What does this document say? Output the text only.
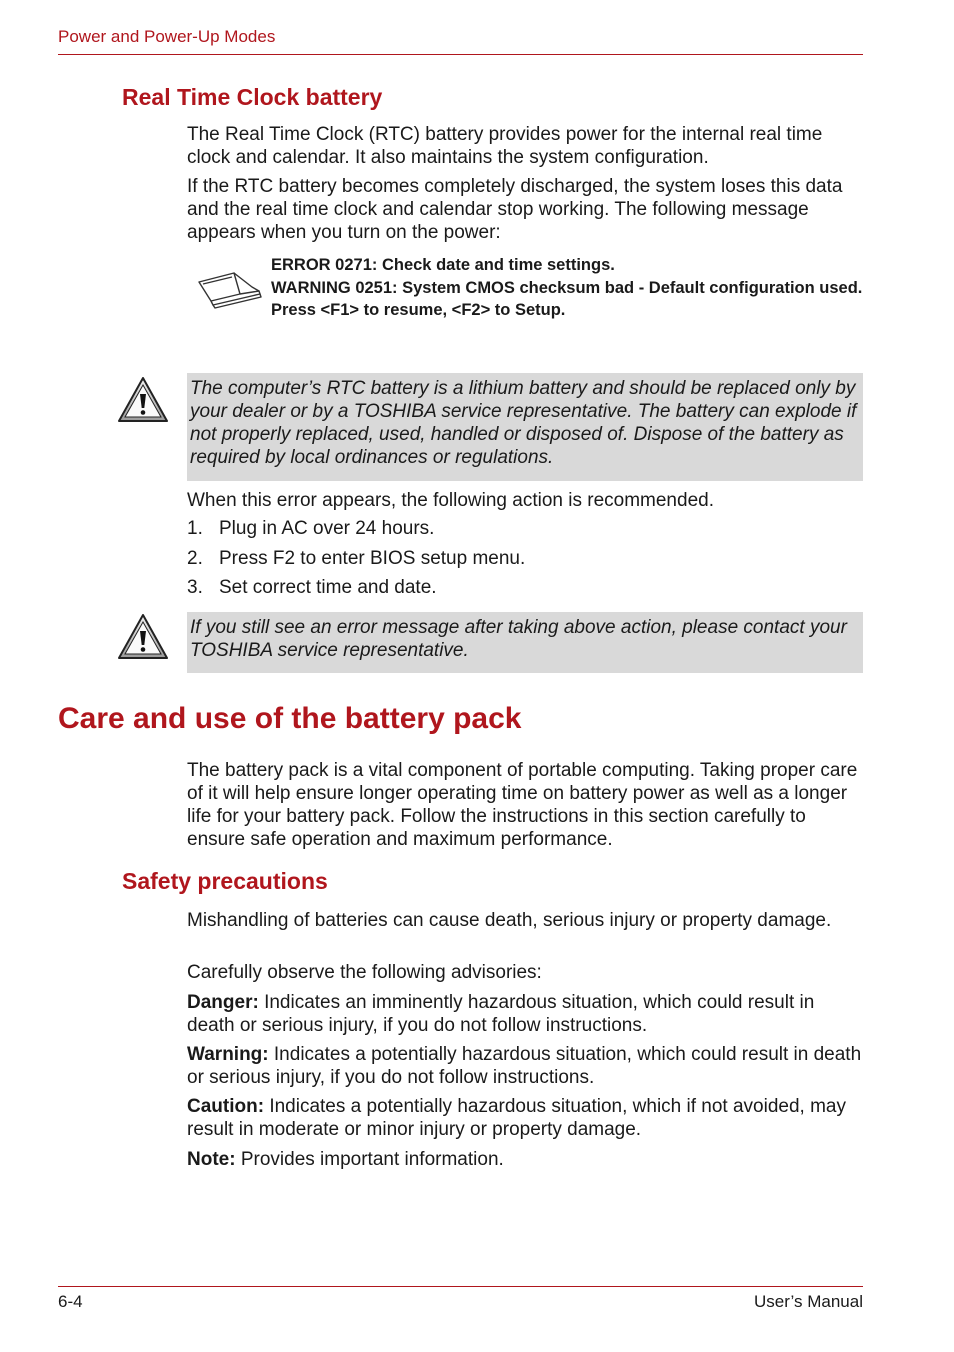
Power and Power-Up Modes
Real Time Clock battery
The Real Time Clock (RTC) battery provides power for the internal real time clock and calendar. It also maintains the system configuration.
If the RTC battery becomes completely discharged, the system loses this data and the real time clock and calendar stop working. The following message appears when you turn on the power:
ERROR 0271: Check date and time settings.
WARNING 0251: System CMOS checksum bad - Default configuration used.
Press <F1> to resume, <F2> to Setup.
The computer’s RTC battery is a lithium battery and should be replaced only by your dealer or by a TOSHIBA service representative. The battery can explode if not properly replaced, used, handled or disposed of. Dispose of the battery as required by local ordinances or regulations.
When this error appears, the following action is recommended.
1. Plug in AC over 24 hours.
2. Press F2 to enter BIOS setup menu.
3. Set correct time and date.
If you still see an error message after taking above action, please contact your TOSHIBA service representative.
Care and use of the battery pack
The battery pack is a vital component of portable computing. Taking proper care of it will help ensure longer operating time on battery power as well as a longer life for your battery pack. Follow the instructions in this section carefully to ensure safe operation and maximum performance.
Safety precautions
Mishandling of batteries can cause death, serious injury or property damage.
Carefully observe the following advisories:
Danger: Indicates an imminently hazardous situation, which could result in death or serious injury, if you do not follow instructions.
Warning: Indicates a potentially hazardous situation, which could result in death or serious injury, if you do not follow instructions.
Caution: Indicates a potentially hazardous situation, which if not avoided, may result in moderate or minor injury or property damage.
Note: Provides important information.
6-4	User’s Manual
